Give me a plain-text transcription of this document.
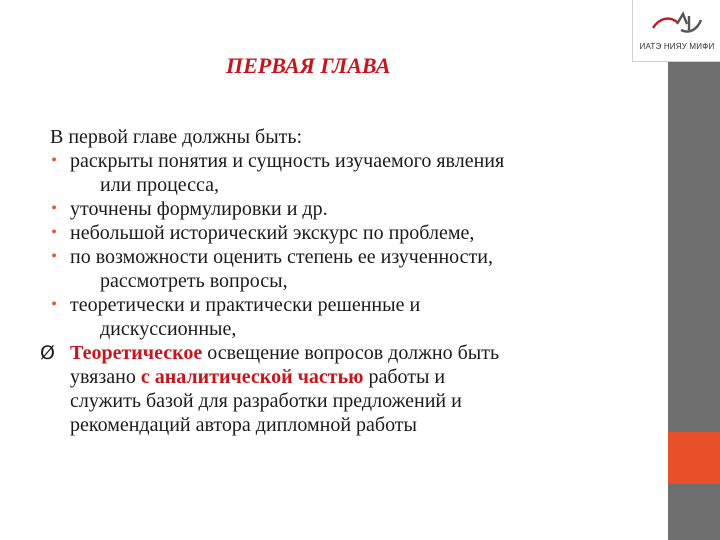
ИАТЭ НИЯУ МИФИ
ПЕРВАЯ ГЛАВА
В первой главе должны быть:
• раскрыты понятия и сущность изучаемого явления
или процесса,
• уточнены формулировки и др.
• небольшой исторический экскурс по проблеме,
• по возможности оценить степень ее изученности,
рассмотреть вопросы,
• теоретически и практически решенные и
дискуссионные,
Ø Теоретическое освещение вопросов должно быть
увязано с аналитической частью работы и
служить базой для разработки предложений и
рекомендаций автора дипломной работы
